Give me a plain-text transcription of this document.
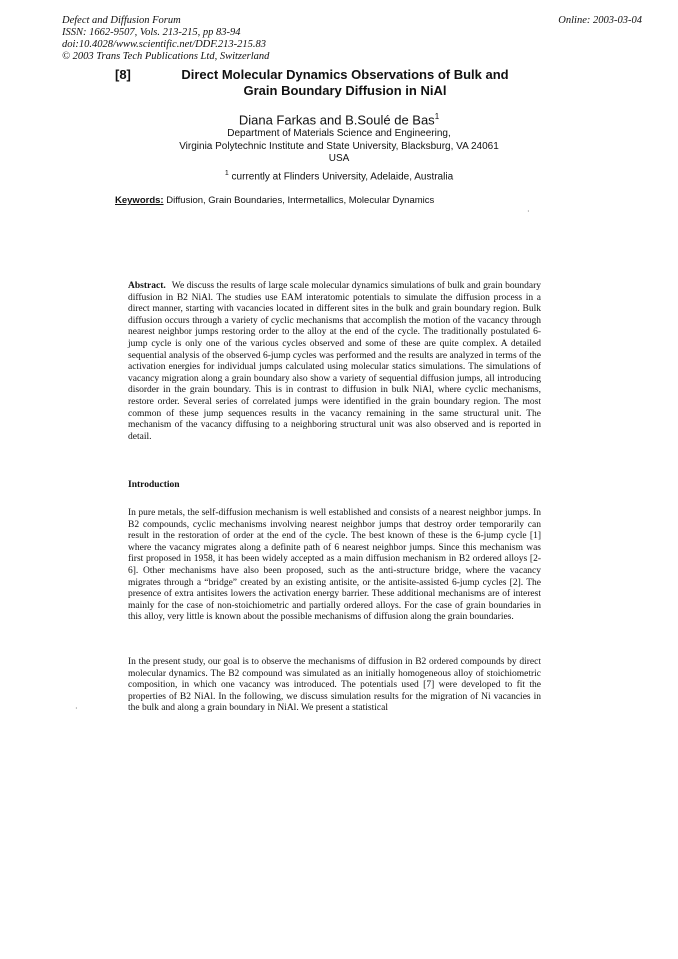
Defect and Diffusion Forum
ISSN: 1662-9507, Vols. 213-215, pp 83-94
doi:10.4028/www.scientific.net/DDF.213-215.83
© 2003 Trans Tech Publications Ltd, Switzerland
Online: 2003-03-04
[8]	Direct Molecular Dynamics Observations of Bulk and
Grain Boundary Diffusion in NiAl
Diana Farkas and B.Soulé de Bas$^1$
Department of Materials Science and Engineering,
Virginia Polytechnic Institute and State University, Blacksburg, VA 24061
USA
$^1$ currently at Flinders University, Adelaide, Australia
Keywords: Diffusion, Grain Boundaries, Intermetallics, Molecular Dynamics
·
Abstract. We discuss the results of large scale molecular dynamics simulations of bulk and grain boundary diffusion in B2 NiAl. The studies use EAM interatomic potentials to simulate the diffusion process in a direct manner, starting with vacancies located in different sites in the bulk and grain boundary region. Bulk diffusion occurs through a variety of cyclic mechanisms that accomplish the motion of the vacancy through nearest neighbor jumps restoring order to the alloy at the end of the cycle. The traditionally postulated 6-jump cycle is only one of the various cycles observed and some of these are quite complex. A detailed sequential analysis of the observed 6-jump cycles was performed and the results are analyzed in terms of the activation energies for individual jumps calculated using molecular statics simulations. The simulations of vacancy migration along a grain boundary also show a variety of sequential diffusion jumps, all introducing disorder in the grain boundary. This is in contrast to diffusion in bulk NiAl, where cyclic mechanisms, restore order. Several series of correlated jumps were identified in the grain boundary region. The most common of these jump sequences results in the vacancy remaining in the same structural unit. The mechanism of the vacancy diffusing to a neighboring structural unit was also observed and is reported in detail.
Introduction
In pure metals, the self-diffusion mechanism is well established and consists of a nearest neighbor jumps. In B2 compounds, cyclic mechanisms involving nearest neighbor jumps that destroy order temporarily can result in the restoration of order at the end of the cycle. The best known of these is the 6-jump cycle [1] where the vacancy migrates along a definite path of 6 nearest neighbor jumps. Since this mechanism was first proposed in 1958, it has been widely accepted as a main diffusion mechanism in B2 ordered alloys [2-6]. Other mechanisms have also been proposed, such as the anti-structure bridge, where the vacancy migrates through a “bridge” created by an existing antisite, or the antisite-assisted 6-jump cycles [2]. The presence of extra antisites lowers the activation energy barrier. These additional mechanisms are of interest mainly for the case of non-stoichiometric and partially ordered alloys. For the case of grain boundaries in this alloy, very little is known about the possible mechanisms of diffusion along the grain boundaries.
In the present study, our goal is to observe the mechanisms of diffusion in B2 ordered compounds by direct molecular dynamics. The B2 compound was simulated as an initially homogeneous alloy of stoichiometric composition, in which one vacancy was introduced. The potentials used [7] were developed to fit the properties of B2 NiAl. In the following, we discuss simulation results for the migration of Ni vacancies in the bulk and along a grain boundary in NiAl. We present a statistical
·
